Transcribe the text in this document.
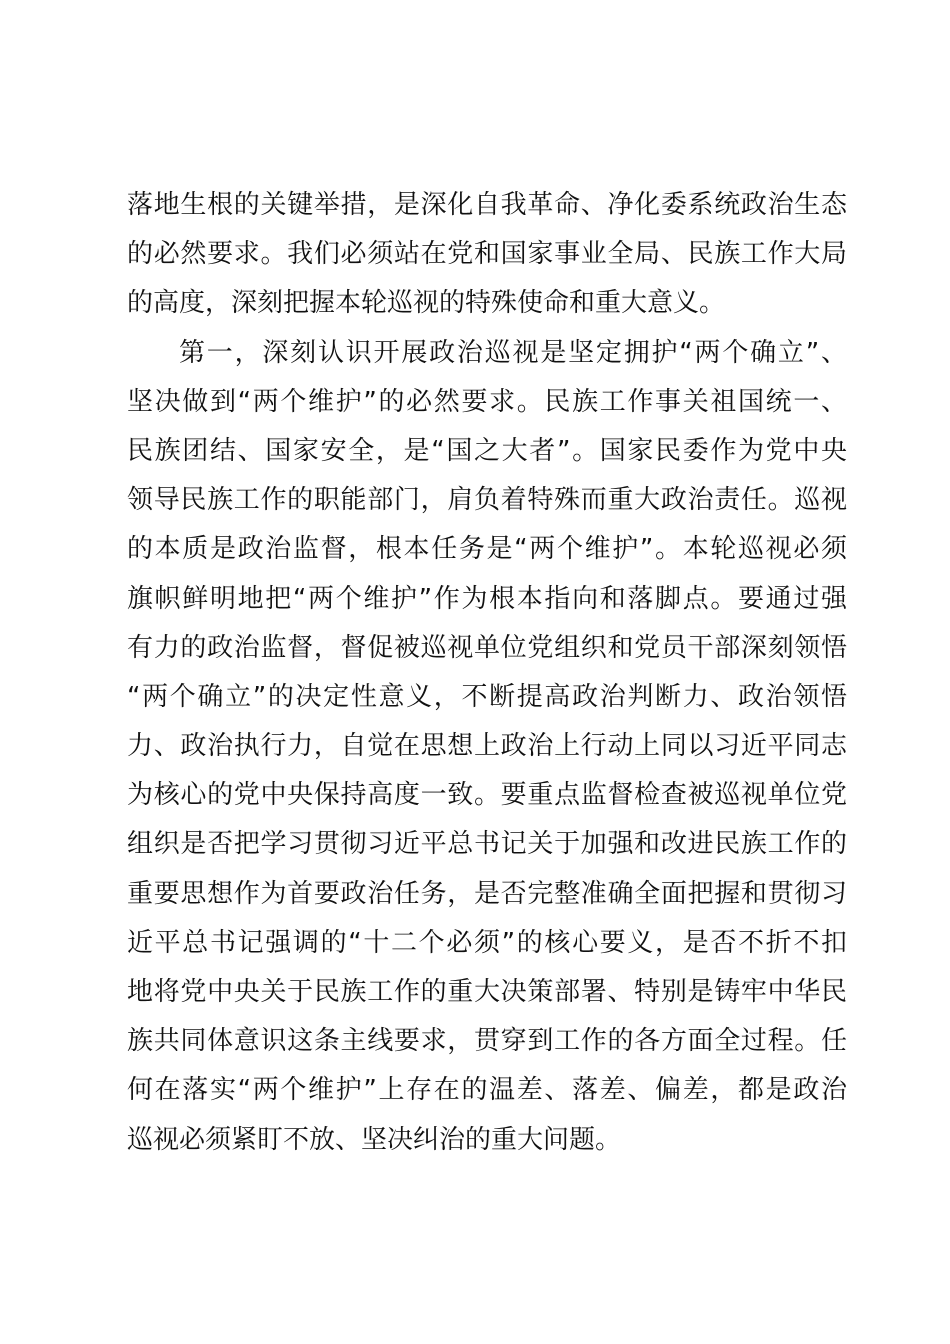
落地生根的关键举措，是深化自我革命、净化委系统政治生态
的必然要求。我们必须站在党和国家事业全局、民族工作大局
的高度，深刻把握本轮巡视的特殊使命和重大意义。
第一，深刻认识开展政治巡视是坚定拥护“两个确立”、
坚决做到“两个维护”的必然要求。民族工作事关祖国统一、
民族团结、国家安全，是“国之大者”。国家民委作为党中央
领导民族工作的职能部门，肩负着特殊而重大政治责任。巡视
的本质是政治监督，根本任务是“两个维护”。本轮巡视必须
旗帜鲜明地把“两个维护”作为根本指向和落脚点。要通过强
有力的政治监督，督促被巡视单位党组织和党员干部深刻领悟
“两个确立”的决定性意义，不断提高政治判断力、政治领悟
力、政治执行力，自觉在思想上政治上行动上同以习近平同志
为核心的党中央保持高度一致。要重点监督检查被巡视单位党
组织是否把学习贯彻习近平总书记关于加强和改进民族工作的
重要思想作为首要政治任务，是否完整准确全面把握和贯彻习
近平总书记强调的“十二个必须”的核心要义，是否不折不扣
地将党中央关于民族工作的重大决策部署、特别是铸牢中华民
族共同体意识这条主线要求，贯穿到工作的各方面全过程。任
何在落实“两个维护”上存在的温差、落差、偏差，都是政治
巡视必须紧盯不放、坚决纠治的重大问题。
